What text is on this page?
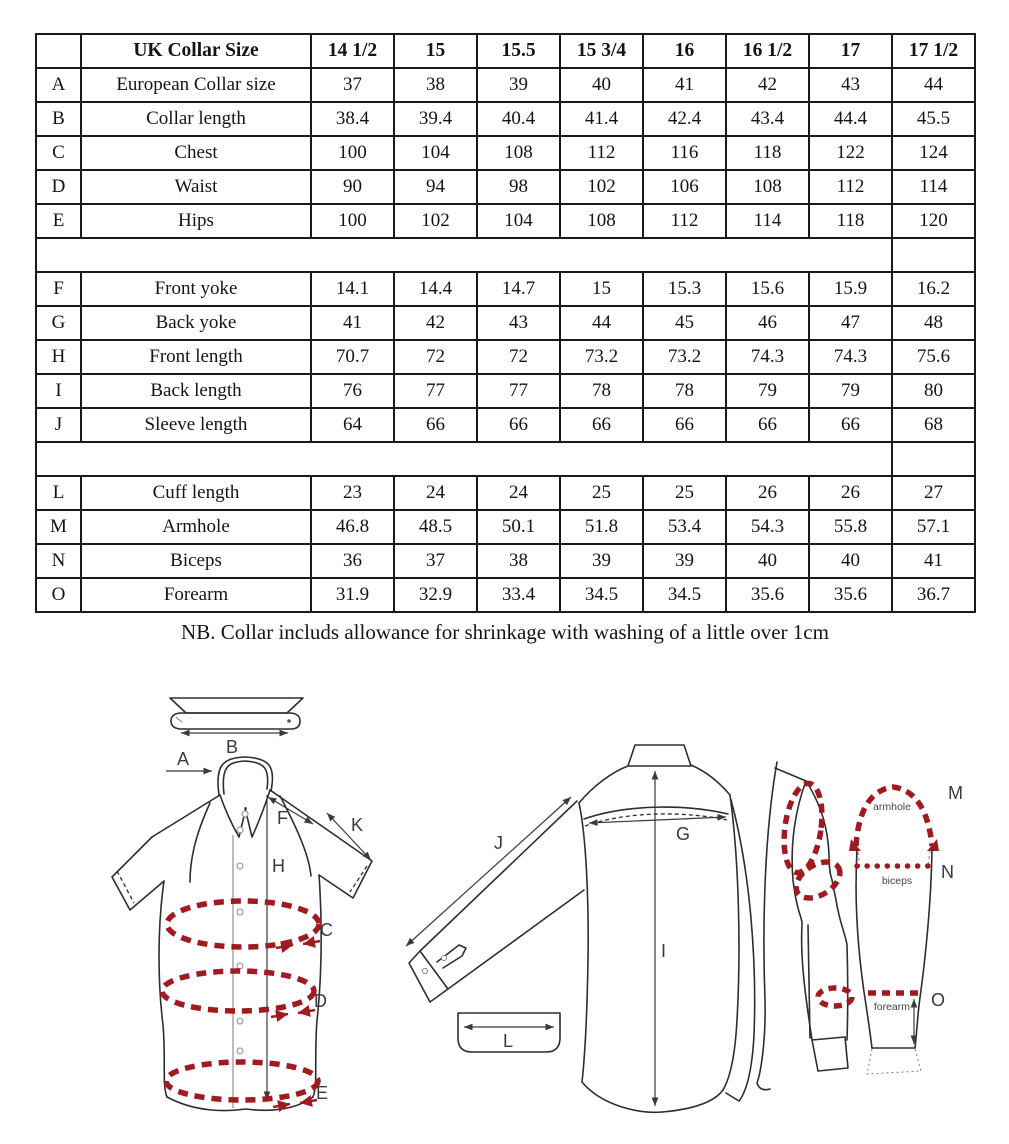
	UK Collar Size	14 1/2	15	15.5	15 3/4	16	16 1/2	17	17 1/2
A	European Collar size	37	38	39	40	41	42	43	44
B	Collar length	38.4	39.4	40.4	41.4	42.4	43.4	44.4	45.5
C	Chest	100	104	108	112	116	118	122	124
D	Waist	90	94	98	102	106	108	112	114
E	Hips	100	102	104	108	112	114	118	120

F	Front yoke	14.1	14.4	14.7	15	15.3	15.6	15.9	16.2
G	Back yoke	41	42	43	44	45	46	47	48
H	Front length	70.7	72	72	73.2	73.2	74.3	74.3	75.6
I	Back length	76	77	77	78	78	79	79	80
J	Sleeve length	64	66	66	66	66	66	66	68

L	Cuff length	23	24	24	25	25	26	26	27
M	Armhole	46.8	48.5	50.1	51.8	53.4	54.3	55.8	57.1
N	Biceps	36	37	38	39	39	40	40	41
O	Forearm	31.9	32.9	33.4	34.5	34.5	35.6	35.6	36.7
NB. Collar includs allowance for shrinkage with washing of a little over 1cm
B
A
F	K
H
C
D
E
J	G
I
L
armhole
biceps
forearm
M
N
O
